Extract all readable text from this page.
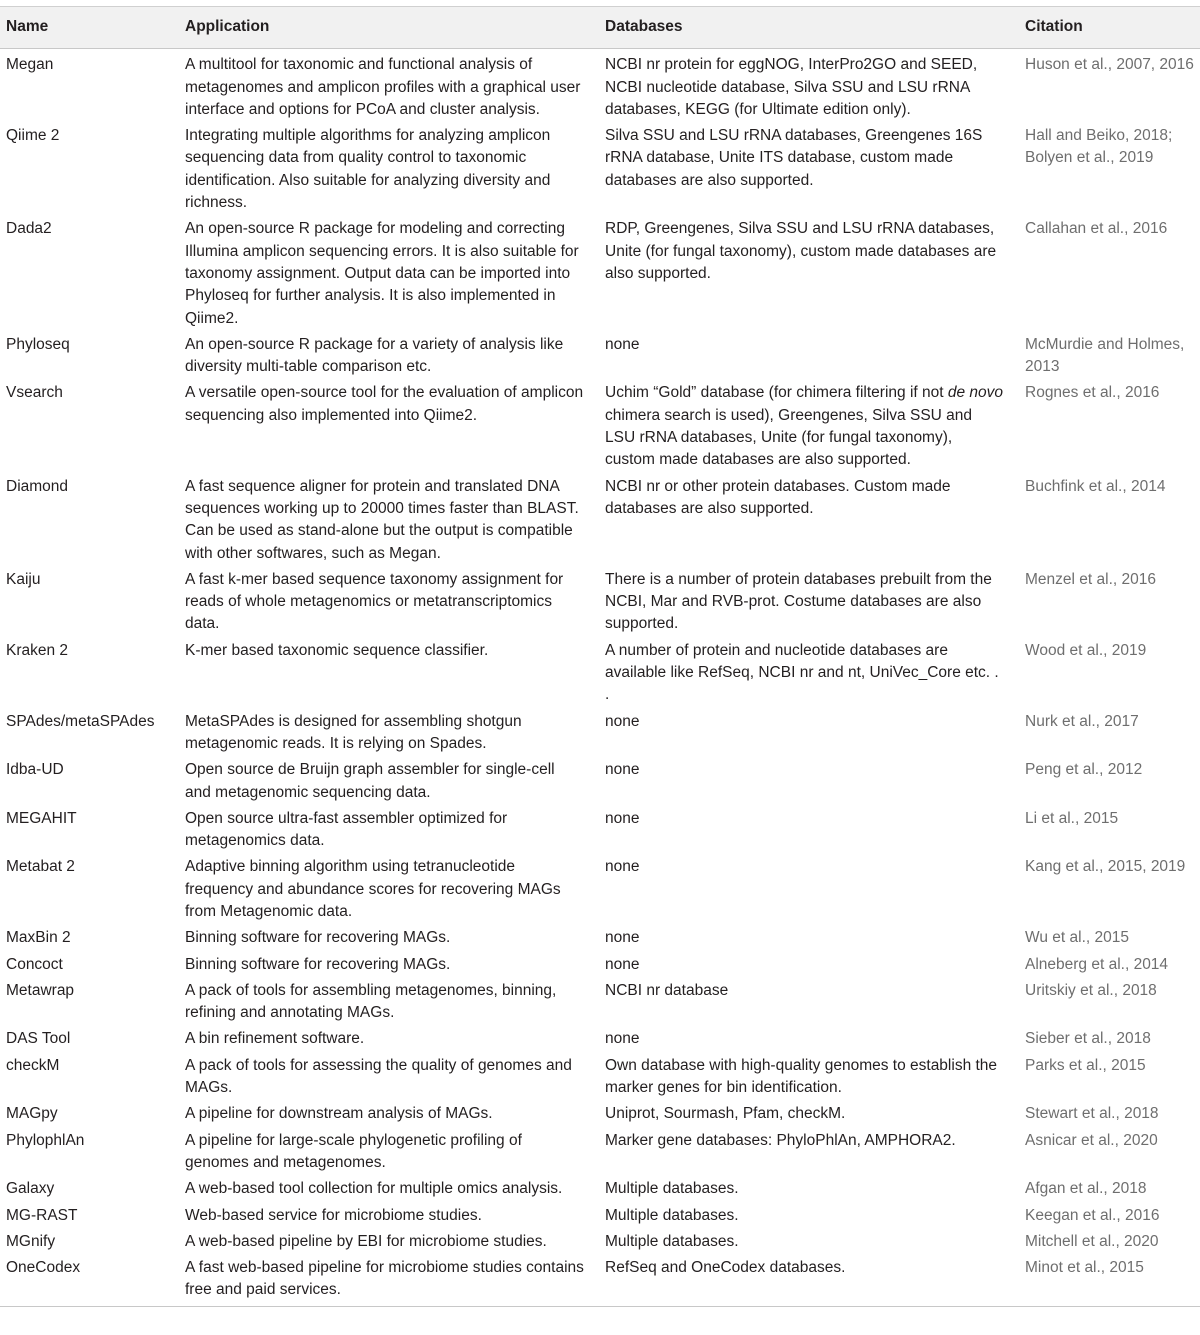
Name	Application	Databases	Citation
Megan	A multitool for taxonomic and functional analysis of metagenomes and amplicon profiles with a graphical user interface and options for PCoA and cluster analysis.	NCBI nr protein for eggNOG, InterPro2GO and SEED, NCBI nucleotide database, Silva SSU and LSU rRNA databases, KEGG (for Ultimate edition only).	Huson et al., 2007, 2016
Qiime 2	Integrating multiple algorithms for analyzing amplicon sequencing data from quality control to taxonomic identification. Also suitable for analyzing diversity and richness.	Silva SSU and LSU rRNA databases, Greengenes 16S rRNA database, Unite ITS database, custom made databases are also supported.	Hall and Beiko, 2018; Bolyen et al., 2019
Dada2	An open-source R package for modeling and correcting Illumina amplicon sequencing errors. It is also suitable for taxonomy assignment. Output data can be imported into Phyloseq for further analysis. It is also implemented in Qiime2.	RDP, Greengenes, Silva SSU and LSU rRNA databases, Unite (for fungal taxonomy), custom made databases are also supported.	Callahan et al., 2016
Phyloseq	An open-source R package for a variety of analysis like diversity multi-table comparison etc.	none	McMurdie and Holmes, 2013
Vsearch	A versatile open-source tool for the evaluation of amplicon sequencing also implemented into Qiime2.	Uchim “Gold” database (for chimera filtering if not de novo chimera search is used), Greengenes, Silva SSU and LSU rRNA databases, Unite (for fungal taxonomy), custom made databases are also supported.	Rognes et al., 2016
Diamond	A fast sequence aligner for protein and translated DNA sequences working up to 20000 times faster than BLAST. Can be used as stand-alone but the output is compatible with other softwares, such as Megan.	NCBI nr or other protein databases. Custom made databases are also supported.	Buchfink et al., 2014
Kaiju	A fast k-mer based sequence taxonomy assignment for reads of whole metagenomics or metatranscriptomics data.	There is a number of protein databases prebuilt from the NCBI, Mar and RVB-prot. Costume databases are also supported.	Menzel et al., 2016
Kraken 2	K-mer based taxonomic sequence classifier.	A number of protein and nucleotide databases are available like RefSeq, NCBI nr and nt, UniVec_Core etc. . .	Wood et al., 2019
SPAdes/metaSPAdes	MetaSPAdes is designed for assembling shotgun metagenomic reads. It is relying on Spades.	none	Nurk et al., 2017
Idba-UD	Open source de Bruijn graph assembler for single-cell and metagenomic sequencing data.	none	Peng et al., 2012
MEGAHIT	Open source ultra-fast assembler optimized for metagenomics data.	none	Li et al., 2015
Metabat 2	Adaptive binning algorithm using tetranucleotide frequency and abundance scores for recovering MAGs from Metagenomic data.	none	Kang et al., 2015, 2019
MaxBin 2	Binning software for recovering MAGs.	none	Wu et al., 2015
Concoct	Binning software for recovering MAGs.	none	Alneberg et al., 2014
Metawrap	A pack of tools for assembling metagenomes, binning, refining and annotating MAGs.	NCBI nr database	Uritskiy et al., 2018
DAS Tool	A bin refinement software.	none	Sieber et al., 2018
checkM	A pack of tools for assessing the quality of genomes and MAGs.	Own database with high-quality genomes to establish the marker genes for bin identification.	Parks et al., 2015
MAGpy	A pipeline for downstream analysis of MAGs.	Uniprot, Sourmash, Pfam, checkM.	Stewart et al., 2018
PhylophlAn	A pipeline for large-scale phylogenetic profiling of genomes and metagenomes.	Marker gene databases: PhyloPhlAn, AMPHORA2.	Asnicar et al., 2020
Galaxy	A web-based tool collection for multiple omics analysis.	Multiple databases.	Afgan et al., 2018
MG-RAST	Web-based service for microbiome studies.	Multiple databases.	Keegan et al., 2016
MGnify	A web-based pipeline by EBI for microbiome studies.	Multiple databases.	Mitchell et al., 2020
OneCodex	A fast web-based pipeline for microbiome studies contains free and paid services.	RefSeq and OneCodex databases.	Minot et al., 2015
